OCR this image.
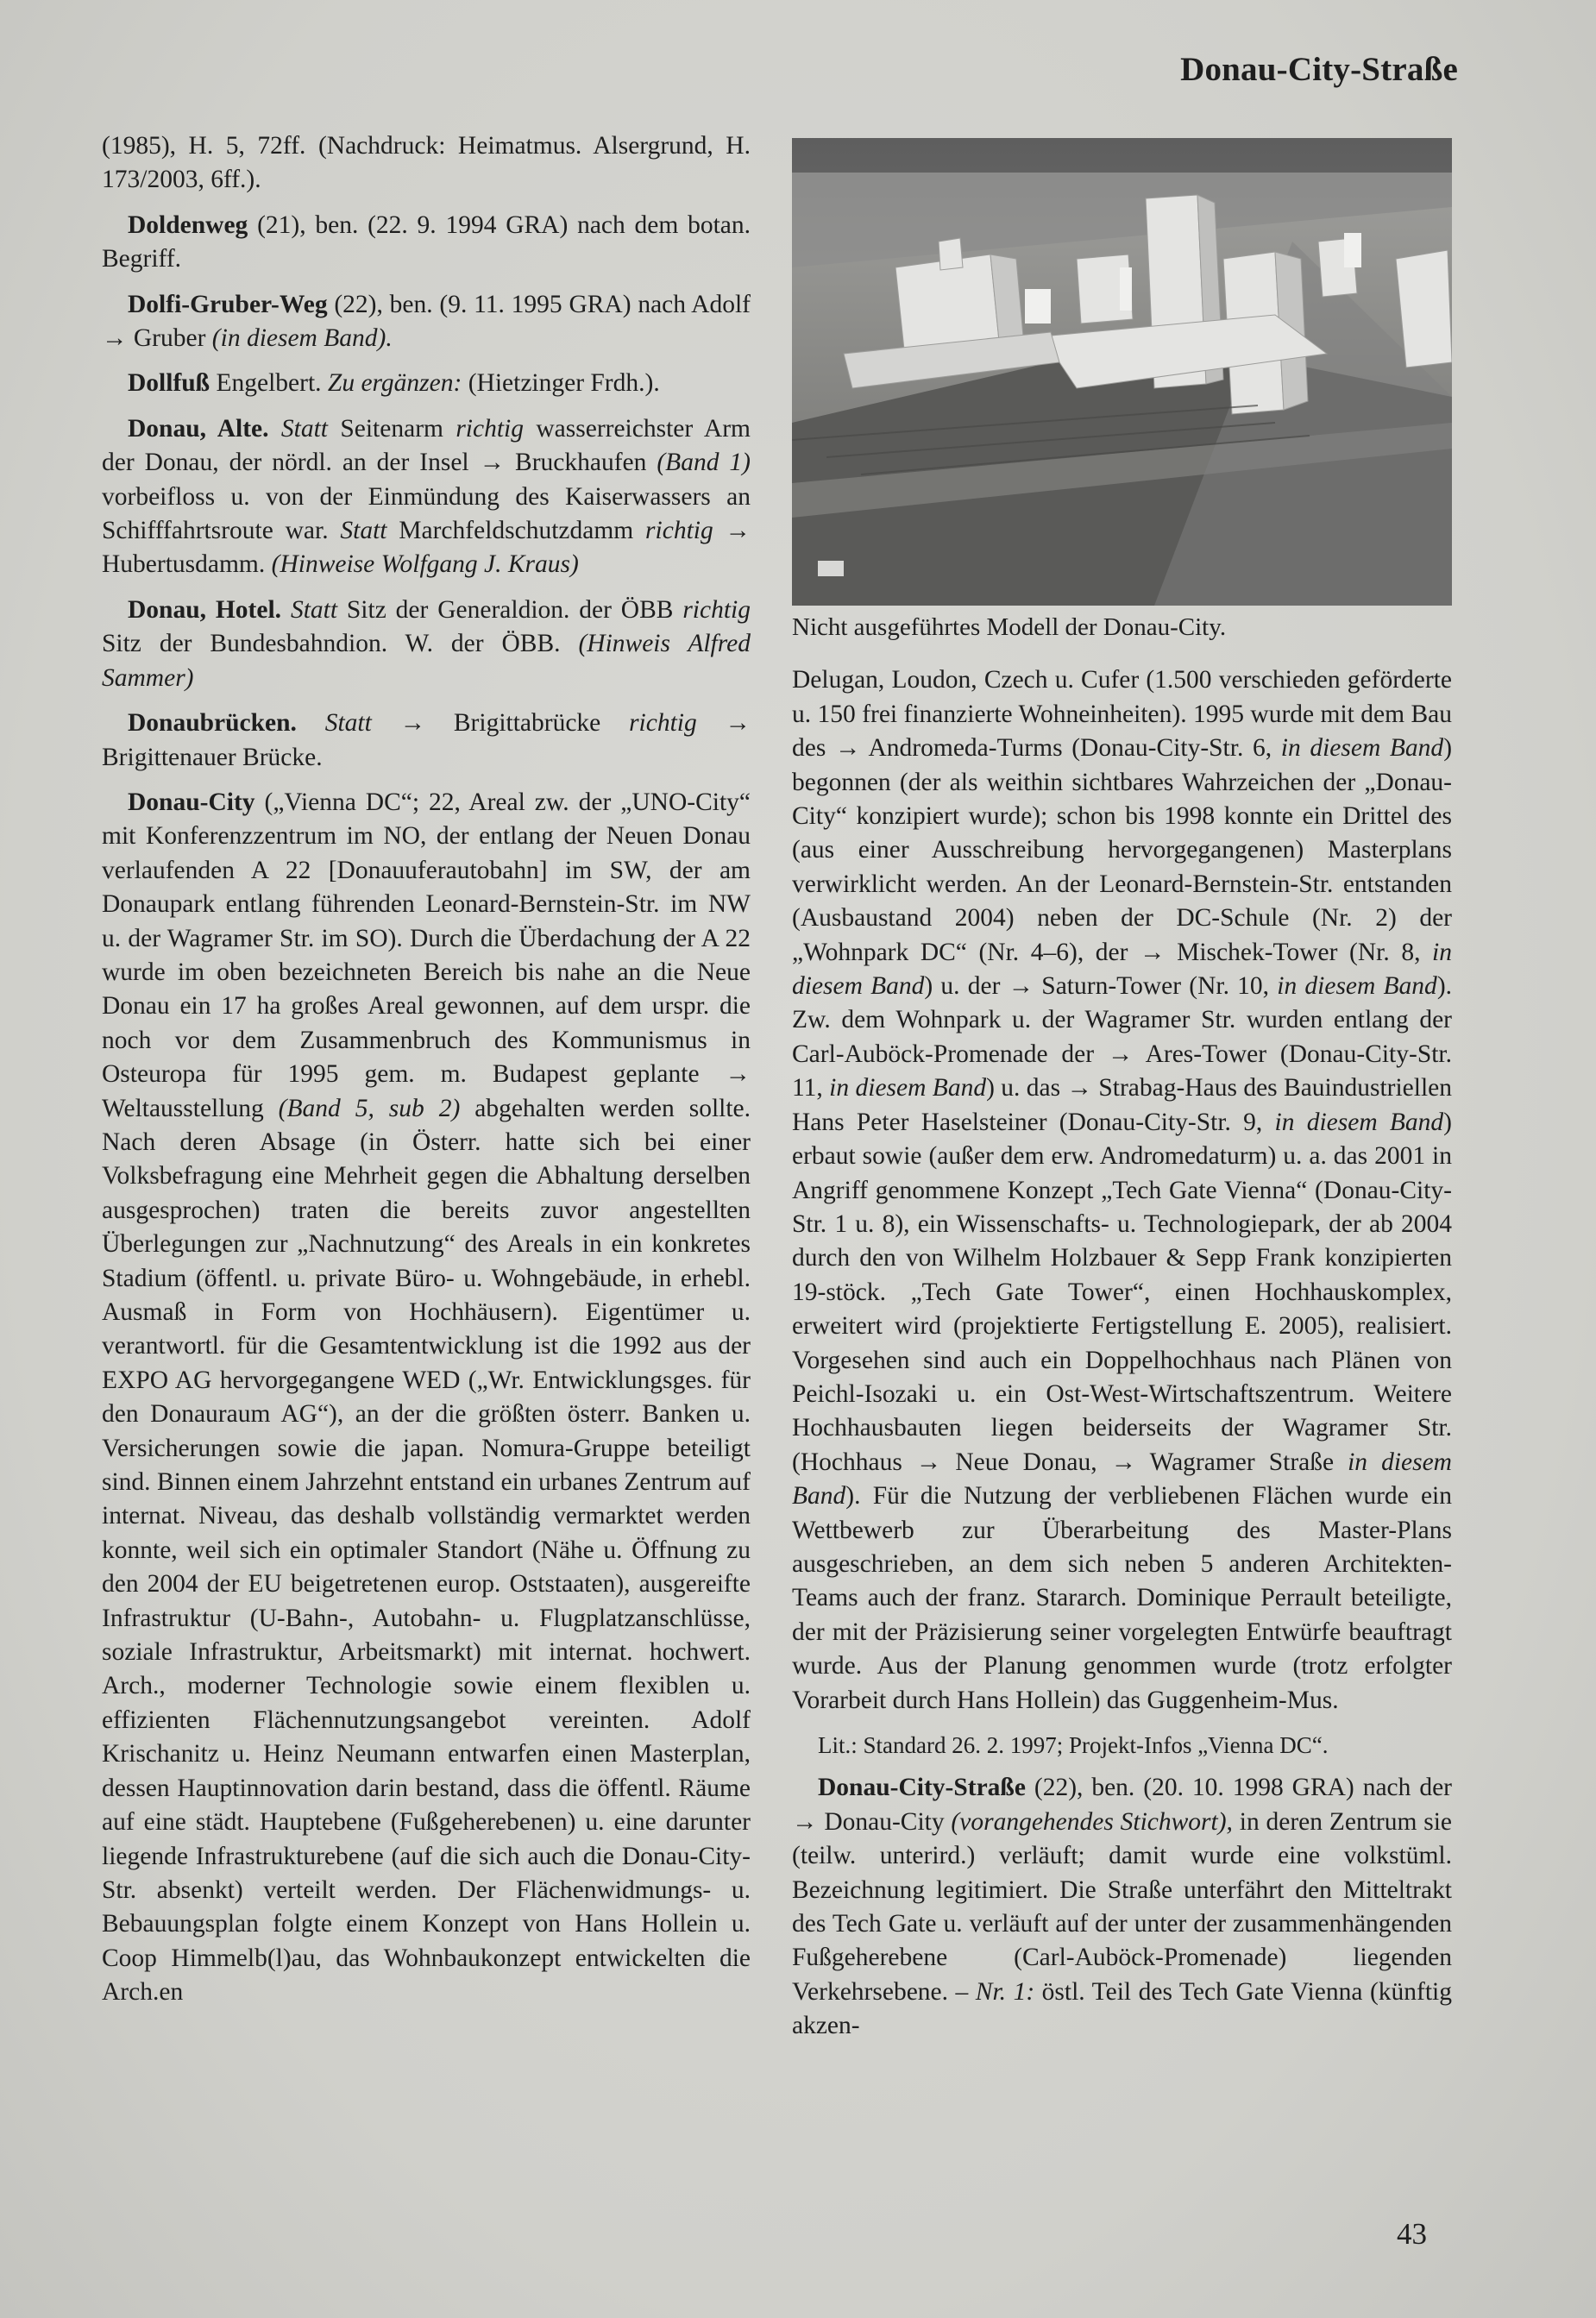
Donau-City-Straße

(1985), H. 5, 72ff. (Nachdruck: Heimatmus. Alsergrund, H. 173/2003, 6ff.).

Doldenweg (21), ben. (22. 9. 1994 GRA) nach dem botan. Begriff.

Dolfi-Gruber-Weg (22), ben. (9. 11. 1995 GRA) nach Adolf → Gruber (in diesem Band).

Dollfuß Engelbert. Zu ergänzen: (Hietzinger Frdh.).

Donau, Alte. Statt Seitenarm richtig wasserreichster Arm der Donau, der nördl. an der Insel → Bruckhaufen (Band 1) vorbeifloss u. von der Einmündung des Kaiserwassers an Schifffahrtsroute war. Statt Marchfeldschutzdamm richtig → Hubertusdamm. (Hinweise Wolfgang J. Kraus)

Donau, Hotel. Statt Sitz der Generaldion. der ÖBB richtig Sitz der Bundesbahndion. W. der ÖBB. (Hinweis Alfred Sammer)

Donaubrücken. Statt → Brigittabrücke richtig → Brigittenauer Brücke.

Donau-City („Vienna DC“; 22, Areal zw. der „UNO-City“ mit Konferenzzentrum im NO, der entlang der Neuen Donau verlaufenden A 22 [Donauuferautobahn] im SW, der am Donaupark entlang führenden Leonard-Bernstein-Str. im NW u. der Wagramer Str. im SO). Durch die Überdachung der A 22 wurde im oben bezeichneten Bereich bis nahe an die Neue Donau ein 17 ha großes Areal gewonnen, auf dem urspr. die noch vor dem Zusammenbruch des Kommunismus in Osteuropa für 1995 gem. m. Budapest geplante → Weltausstellung (Band 5, sub 2) abgehalten werden sollte. Nach deren Absage (in Österr. hatte sich bei einer Volksbefragung eine Mehrheit gegen die Abhaltung derselben ausgesprochen) traten die bereits zuvor angestellten Überlegungen zur „Nachnutzung“ des Areals in ein konkretes Stadium (öffentl. u. private Büro- u. Wohngebäude, in erhebl. Ausmaß in Form von Hochhäusern). Eigentümer u. verantwortl. für die Gesamtentwicklung ist die 1992 aus der EXPO AG hervorgegangene WED („Wr. Entwicklungsges. für den Donauraum AG“), an der die größten österr. Banken u. Versicherungen sowie die japan. Nomura-Gruppe beteiligt sind. Binnen einem Jahrzehnt entstand ein urbanes Zentrum auf internat. Niveau, das deshalb vollständig vermarktet werden konnte, weil sich ein optimaler Standort (Nähe u. Öffnung zu den 2004 der EU beigetretenen europ. Oststaaten), ausgereifte Infrastruktur (U-Bahn-, Autobahn- u. Flugplatzanschlüsse, soziale Infrastruktur, Arbeitsmarkt) mit internat. hochwert. Arch., moderner Technologie sowie einem flexiblen u. effizienten Flächennutzungsangebot vereinten. Adolf Krischanitz u. Heinz Neumann entwarfen einen Masterplan, dessen Hauptinnovation darin bestand, dass die öffentl. Räume auf eine städt. Hauptebene (Fußgeherebenen) u. eine darunter liegende Infrastrukturebene (auf die sich auch die Donau-City-Str. absenkt) verteilt werden. Der Flächenwidmungs- u. Bebauungsplan folgte einem Konzept von Hans Hollein u. Coop Himmelb(l)au, das Wohnbaukonzept entwickelten die Arch.en

Nicht ausgeführtes Modell der Donau-City.

Delugan, Loudon, Czech u. Cufer (1.500 verschieden geförderte u. 150 frei finanzierte Wohneinheiten). 1995 wurde mit dem Bau des → Andromeda-Turms (Donau-City-Str. 6, in diesem Band) begonnen (der als weithin sichtbares Wahrzeichen der „Donau-City“ konzipiert wurde); schon bis 1998 konnte ein Drittel des (aus einer Ausschreibung hervorgegangenen) Masterplans verwirklicht werden. An der Leonard-Bernstein-Str. entstanden (Ausbaustand 2004) neben der DC-Schule (Nr. 2) der „Wohnpark DC“ (Nr. 4–6), der → Mischek-Tower (Nr. 8, in diesem Band) u. der → Saturn-Tower (Nr. 10, in diesem Band). Zw. dem Wohnpark u. der Wagramer Str. wurden entlang der Carl-Auböck-Promenade der → Ares-Tower (Donau-City-Str. 11, in diesem Band) u. das → Strabag-Haus des Bauindustriellen Hans Peter Haselsteiner (Donau-City-Str. 9, in diesem Band) erbaut sowie (außer dem erw. Andromedaturm) u. a. das 2001 in Angriff genommene Konzept „Tech Gate Vienna“ (Donau-City-Str. 1 u. 8), ein Wissenschafts- u. Technologiepark, der ab 2004 durch den von Wilhelm Holzbauer & Sepp Frank konzipierten 19-stöck. „Tech Gate Tower“, einen Hochhauskomplex, erweitert wird (projektierte Fertigstellung E. 2005), realisiert. Vorgesehen sind auch ein Doppelhochhaus nach Plänen von Peichl-Isozaki u. ein Ost-West-Wirtschaftszentrum. Weitere Hochhausbauten liegen beiderseits der Wagramer Str. (Hochhaus → Neue Donau, → Wagramer Straße in diesem Band). Für die Nutzung der verbliebenen Flächen wurde ein Wettbewerb zur Überarbeitung des Master-Plans ausgeschrieben, an dem sich neben 5 anderen Architekten-Teams auch der franz. Stararch. Dominique Perrault beteiligte, der mit der Präzisierung seiner vorgelegten Entwürfe beauftragt wurde. Aus der Planung genommen wurde (trotz erfolgter Vorarbeit durch Hans Hollein) das Guggenheim-Mus.

Lit.: Standard 26. 2. 1997; Projekt-Infos „Vienna DC“.

Donau-City-Straße (22), ben. (20. 10. 1998 GRA) nach der → Donau-City (vorangehendes Stichwort), in deren Zentrum sie (teilw. unterird.) verläuft; damit wurde eine volkstüml. Bezeichnung legitimiert. Die Straße unterfährt den Mitteltrakt des Tech Gate u. verläuft auf der unter der zusammenhängenden Fußgeherebene (Carl-Auböck-Promenade) liegenden Verkehrsebene. – Nr. 1: östl. Teil des Tech Gate Vienna (künftig akzen-

43
